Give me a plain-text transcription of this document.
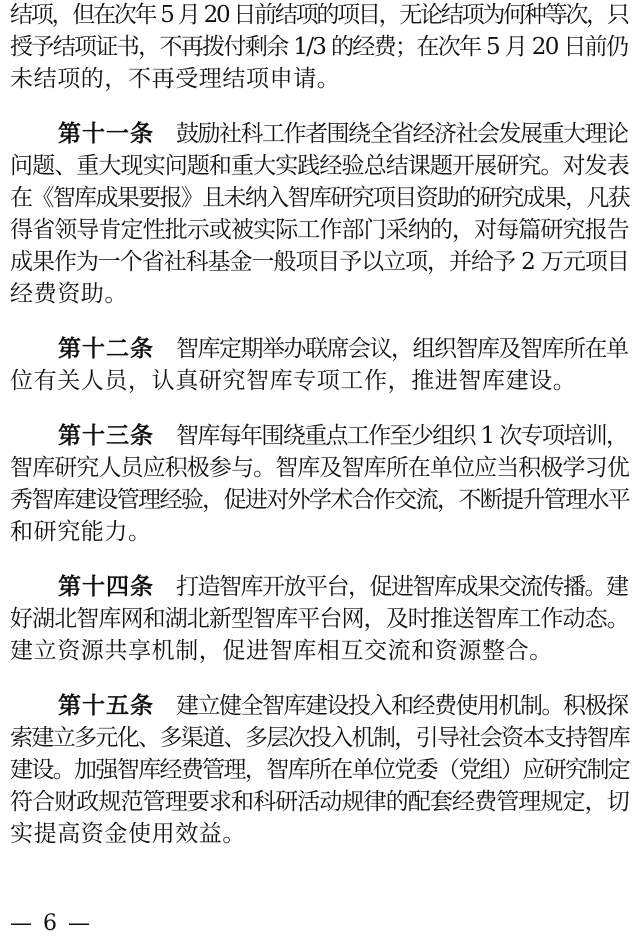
结项，但在次年 5 月 20 日前结项的项目，无论结项为何种等次，只
授予结项证书，不再拨付剩余 1/3 的经费；在次年 5 月 20 日前仍
未结项的，不再受理结项申请。
第十一条 鼓励社科工作者围绕全省经济社会发展重大理论
问题、重大现实问题和重大实践经验总结课题开展研究。对发表
在《智库成果要报》且未纳入智库研究项目资助的研究成果，凡获
得省领导肯定性批示或被实际工作部门采纳的，对每篇研究报告
成果作为一个省社科基金一般项目予以立项，并给予 2 万元项目
经费资助。
第十二条 智库定期举办联席会议，组织智库及智库所在单
位有关人员，认真研究智库专项工作，推进智库建设。
第十三条 智库每年围绕重点工作至少组织 1 次专项培训，
智库研究人员应积极参与。智库及智库所在单位应当积极学习优
秀智库建设管理经验，促进对外学术合作交流，不断提升管理水平
和研究能力。
第十四条 打造智库开放平台，促进智库成果交流传播。建
好湖北智库网和湖北新型智库平台网，及时推送智库工作动态。
建立资源共享机制，促进智库相互交流和资源整合。
第十五条 建立健全智库建设投入和经费使用机制。积极探
索建立多元化、多渠道、多层次投入机制，引导社会资本支持智库
建设。加强智库经费管理，智库所在单位党委（党组）应研究制定
符合财政规范管理要求和科研活动规律的配套经费管理规定，切
实提高资金使用效益。
— 6 —
